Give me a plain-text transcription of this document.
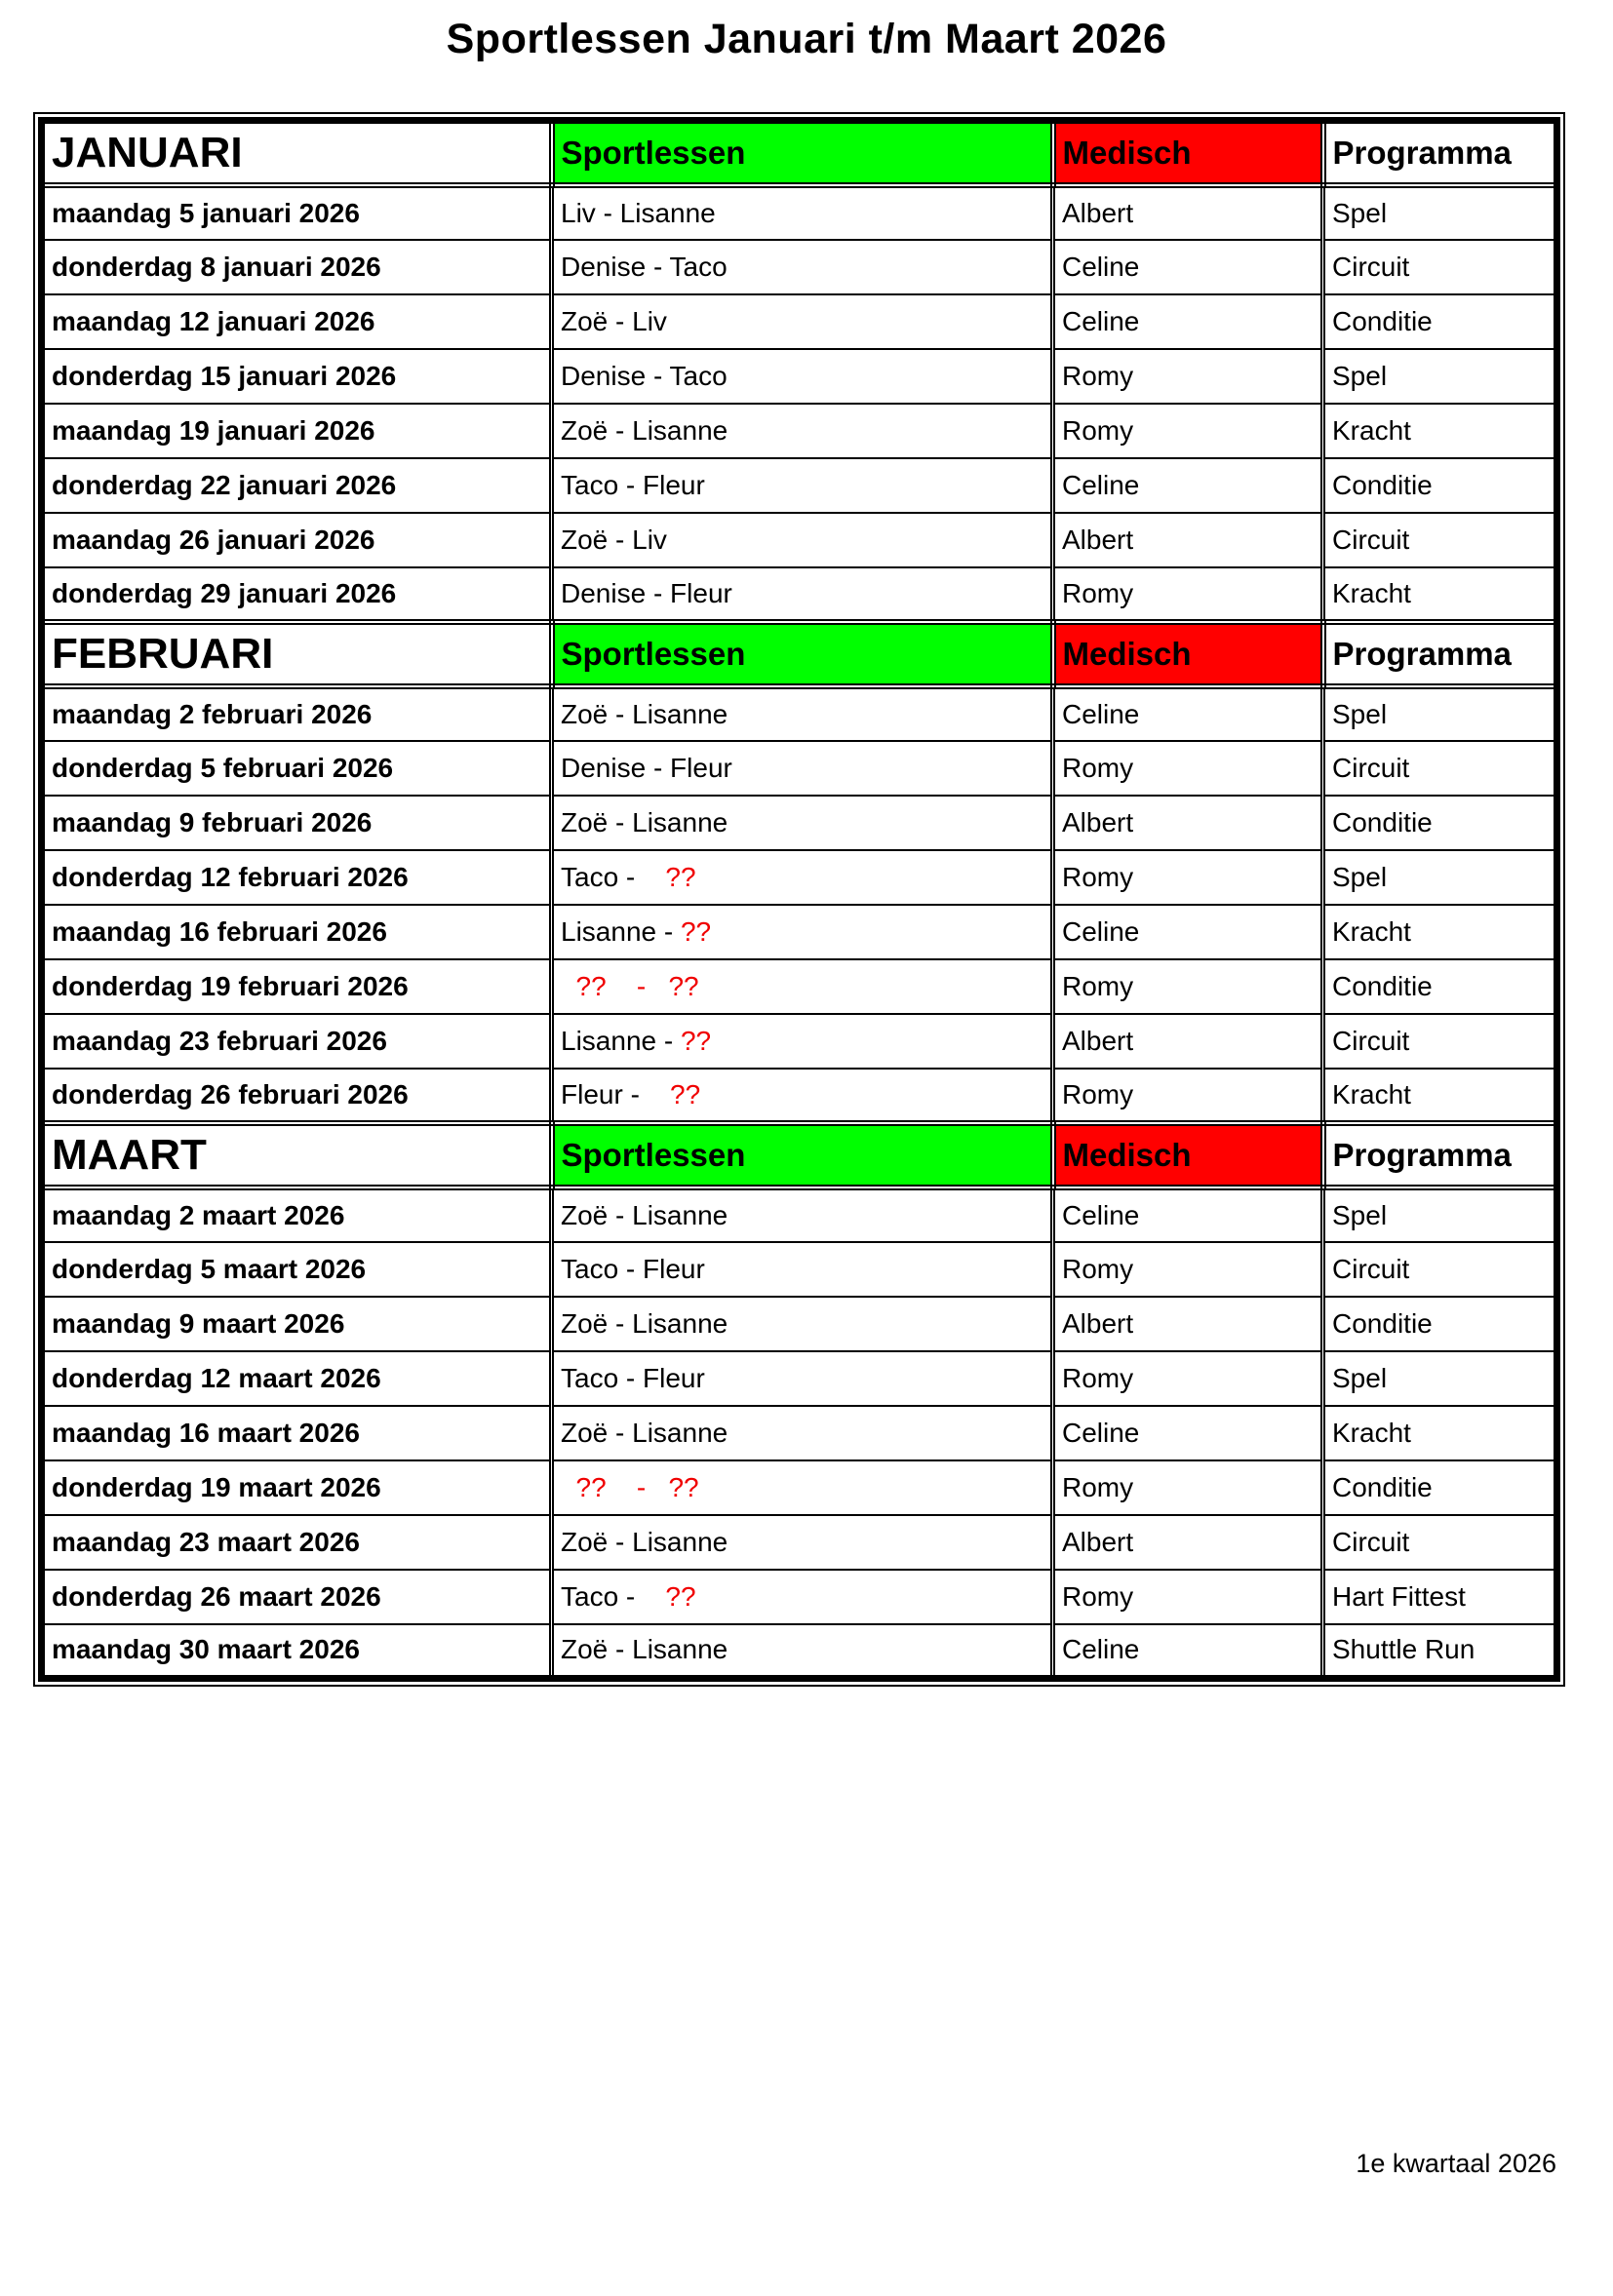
Sportlessen Januari t/m Maart 2026
JANUARI	Sportlessen	Medisch	Programma
maandag 5 januari 2026	Liv - Lisanne	Albert	Spel
donderdag 8 januari 2026	Denise - Taco	Celine	Circuit
maandag 12 januari 2026	Zoë - Liv	Celine	Conditie
donderdag 15 januari 2026	Denise - Taco	Romy	Spel
maandag 19 januari 2026	Zoë - Lisanne	Romy	Kracht
donderdag 22 januari 2026	Taco - Fleur	Celine	Conditie
maandag 26 januari 2026	Zoë - Liv	Albert	Circuit
donderdag 29 januari 2026	Denise - Fleur	Romy	Kracht
FEBRUARI	Sportlessen	Medisch	Programma
maandag 2 februari 2026	Zoë - Lisanne	Celine	Spel
donderdag 5 februari 2026	Denise - Fleur	Romy	Circuit
maandag 9 februari 2026	Zoë - Lisanne	Albert	Conditie
donderdag 12 februari 2026	Taco -    ??	Romy	Spel
maandag 16 februari 2026	Lisanne - ??	Celine	Kracht
donderdag 19 februari 2026	??    -   ??	Romy	Conditie
maandag 23 februari 2026	Lisanne - ??	Albert	Circuit
donderdag 26 februari 2026	Fleur -    ??	Romy	Kracht
MAART	Sportlessen	Medisch	Programma
maandag 2 maart 2026	Zoë - Lisanne	Celine	Spel
donderdag 5 maart 2026	Taco - Fleur	Romy	Circuit
maandag 9 maart 2026	Zoë - Lisanne	Albert	Conditie
donderdag 12 maart 2026	Taco - Fleur	Romy	Spel
maandag 16 maart 2026	Zoë - Lisanne	Celine	Kracht
donderdag 19 maart 2026	??    -   ??	Romy	Conditie
maandag 23 maart 2026	Zoë - Lisanne	Albert	Circuit
donderdag 26 maart 2026	Taco -    ??	Romy	Hart Fittest
maandag 30 maart 2026	Zoë - Lisanne	Celine	Shuttle Run
1e kwartaal 2026
